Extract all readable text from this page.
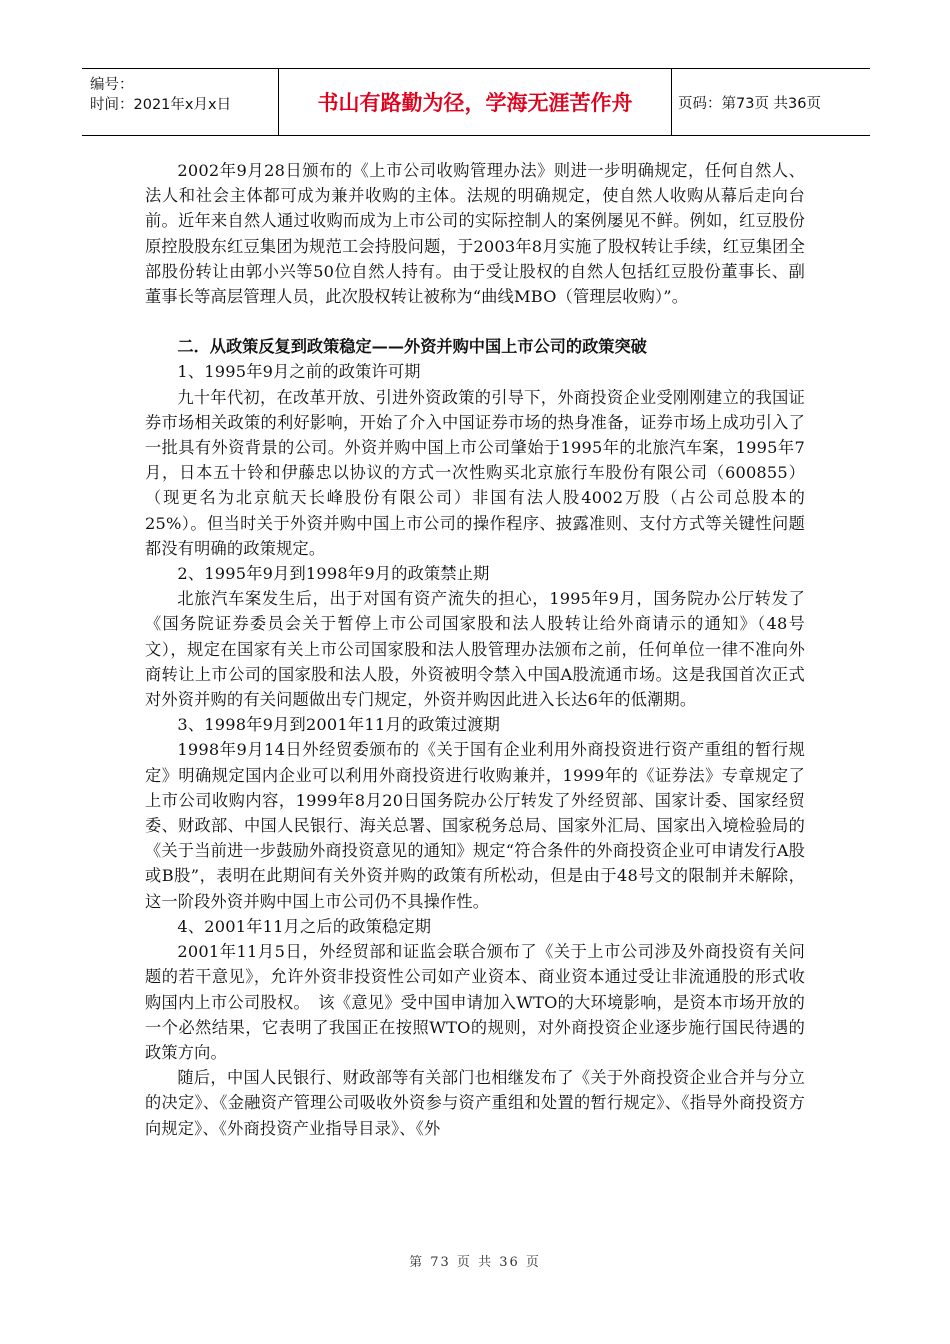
编号：
时间：2021年x月x日	书山有路勤为径，学海无涯苦作舟	页码：第73页 共36页

2002年9月28日颁布的《上市公司收购管理办法》则进一步明确规定，任何自然人、法人和社会主体都可成为兼并收购的主体。法规的明确规定，使自然人收购从幕后走向台前。近年来自然人通过收购而成为上市公司的实际控制人的案例屡见不鲜。例如，红豆股份原控股股东红豆集团为规范工会持股问题，于2003年8月实施了股权转让手续，红豆集团全部股份转让由郭小兴等50位自然人持有。由于受让股权的自然人包括红豆股份董事长、副董事长等高层管理人员，此次股权转让被称为“曲线MBO（管理层收购）”。

二．从政策反复到政策稳定——外资并购中国上市公司的政策突破

1、1995年9月之前的政策许可期

九十年代初，在改革开放、引进外资政策的引导下，外商投资企业受刚刚建立的我国证券市场相关政策的利好影响，开始了介入中国证券市场的热身准备，证券市场上成功引入了一批具有外资背景的公司。外资并购中国上市公司肇始于1995年的北旅汽车案，1995年7月，日本五十铃和伊藤忠以协议的方式一次性购买北京旅行车股份有限公司（600855）（现更名为北京航天长峰股份有限公司）非国有法人股4002万股（占公司总股本的25%）。但当时关于外资并购中国上市公司的操作程序、披露准则、支付方式等关键性问题都没有明确的政策规定。

2、1995年9月到1998年9月的政策禁止期

北旅汽车案发生后，出于对国有资产流失的担心，1995年9月，国务院办公厅转发了《国务院证券委员会关于暂停上市公司国家股和法人股转让给外商请示的通知》（48号文），规定在国家有关上市公司国家股和法人股管理办法颁布之前，任何单位一律不准向外商转让上市公司的国家股和法人股，外资被明令禁入中国A股流通市场。这是我国首次正式对外资并购的有关问题做出专门规定，外资并购因此进入长达6年的低潮期。

3、1998年9月到2001年11月的政策过渡期

1998年9月14日外经贸委颁布的《关于国有企业利用外商投资进行资产重组的暂行规定》明确规定国内企业可以利用外商投资进行收购兼并，1999年的《证券法》专章规定了上市公司收购内容，1999年8月20日国务院办公厅转发了外经贸部、国家计委、国家经贸委、财政部、中国人民银行、海关总署、国家税务总局、国家外汇局、国家出入境检验局的《关于当前进一步鼓励外商投资意见的通知》规定“符合条件的外商投资企业可申请发行A股或B股”，表明在此期间有关外资并购的政策有所松动，但是由于48号文的限制并未解除，这一阶段外资并购中国上市公司仍不具操作性。

4、2001年11月之后的政策稳定期

2001年11月5日，外经贸部和证监会联合颁布了《关于上市公司涉及外商投资有关问题的若干意见》，允许外资非投资性公司如产业资本、商业资本通过受让非流通股的形式收购国内上市公司股权。　该《意见》受中国申请加入WTO的大环境影响，是资本市场开放的一个必然结果，它表明了我国正在按照WTO的规则，对外商投资企业逐步施行国民待遇的政策方向。

随后，中国人民银行、财政部等有关部门也相继发布了《关于外商投资企业合并与分立的决定》、《金融资产管理公司吸收外资参与资产重组和处置的暂行规定》、《指导外商投资方向规定》、《外商投资产业指导目录》、《外

第 73 页 共 36 页
